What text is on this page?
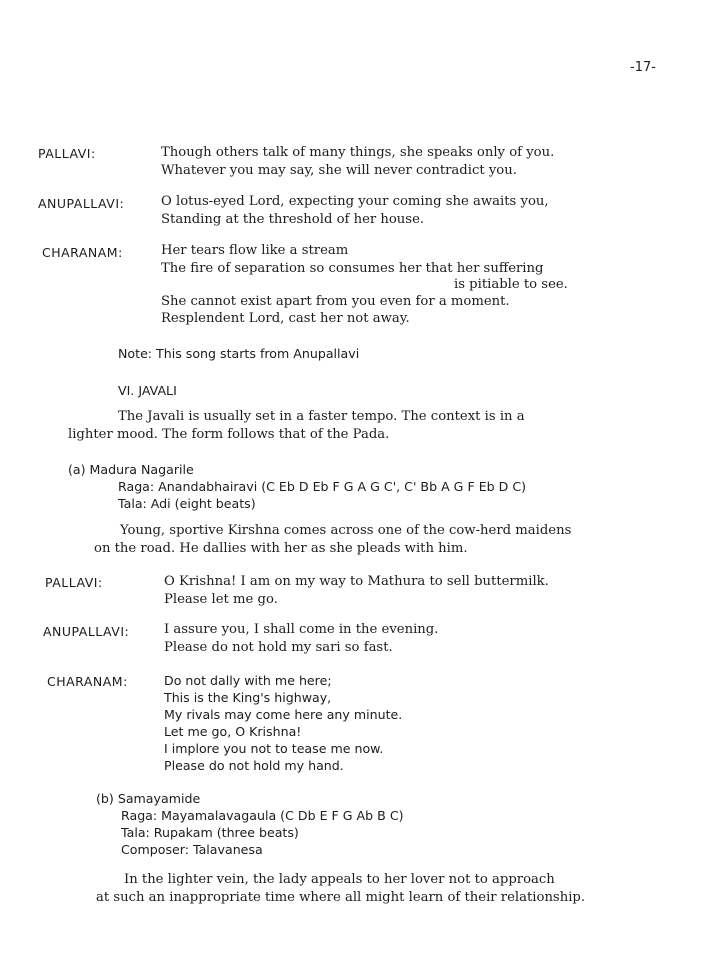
-17-
PALLAVI:	Though others talk of many things, she speaks only of you.
Whatever you may say, she will never contradict you.
ANUPALLAVI:	O lotus-eyed Lord, expecting your coming she awaits you,
Standing at the threshold of her house.
CHARANAM:	Her tears flow like a stream
The fire of separation so consumes her that her suffering
is pitiable to see.
She cannot exist apart from you even for a moment.
Resplendent Lord, cast her not away.
Note: This song starts from Anupallavi
VI. JAVALI
The Javali is usually set in a faster tempo. The context is in a
lighter mood. The form follows that of the Pada.
(a) Madura Nagarile
Raga: Anandabhairavi (C Eb D Eb F G A G C', C' Bb A G F Eb D C)
Tala: Adi (eight beats)
Young, sportive Kirshna comes across one of the cow-herd maidens
on the road. He dallies with her as she pleads with him.
PALLAVI:	O Krishna! I am on my way to Mathura to sell buttermilk.
Please let me go.
ANUPALLAVI:	I assure you, I shall come in the evening.
Please do not hold my sari so fast.
CHARANAM:	Do not dally with me here;
This is the King's highway,
My rivals may come here any minute.
Let me go, O Krishna!
I implore you not to tease me now.
Please do not hold my hand.
(b) Samayamide
Raga: Mayamalavagaula (C Db E F G Ab B C)
Tala: Rupakam (three beats)
Composer: Talavanesa
In the lighter vein, the lady appeals to her lover not to approach
at such an inappropriate time where all might learn of their relationship.
